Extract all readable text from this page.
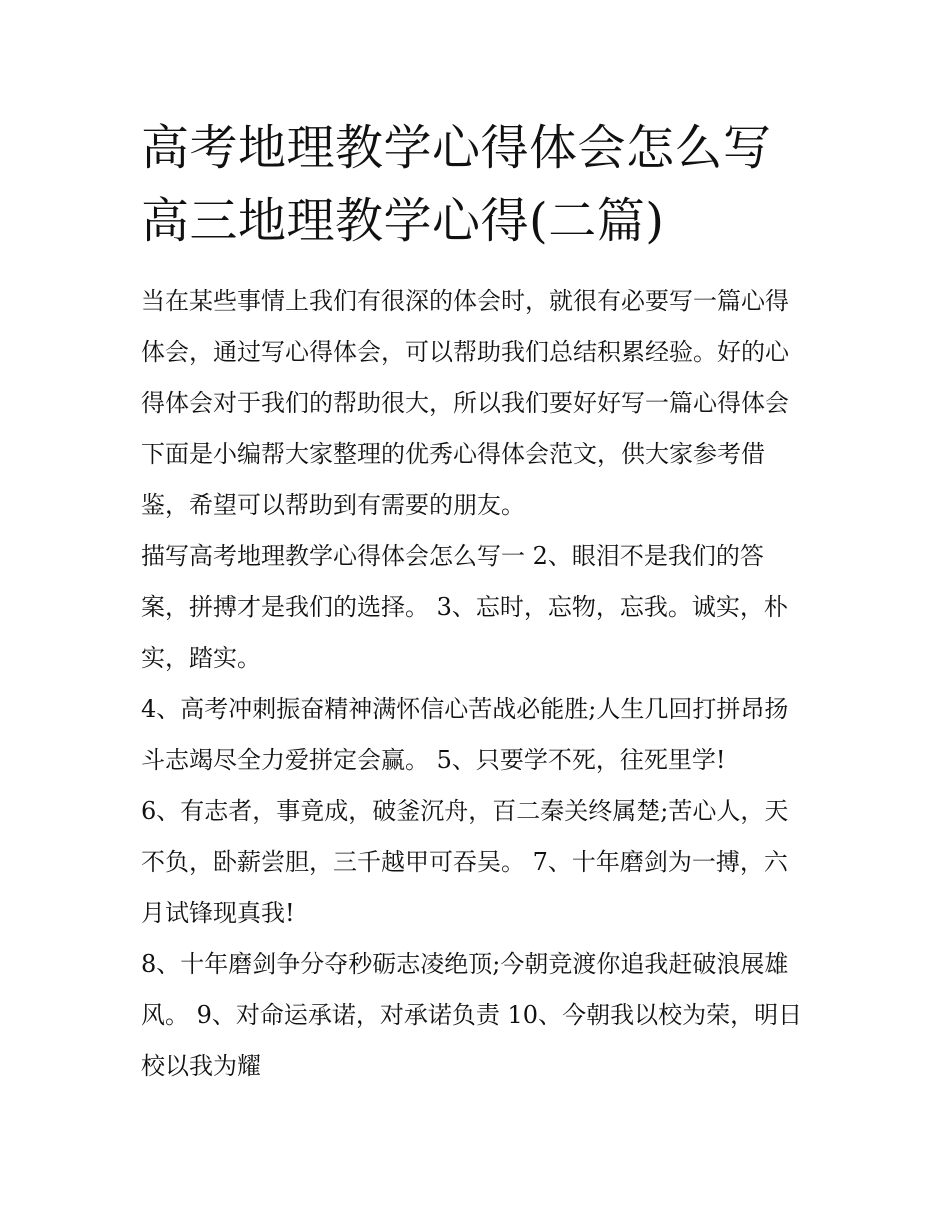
高考地理教学心得体会怎么写
高三地理教学心得(二篇)

当在某些事情上我们有很深的体会时，就很有必要写一篇心得
体会，通过写心得体会，可以帮助我们总结积累经验。好的心
得体会对于我们的帮助很大，所以我们要好好写一篇心得体会
下面是小编帮大家整理的优秀心得体会范文，供大家参考借
鉴，希望可以帮助到有需要的朋友。

描写高考地理教学心得体会怎么写一 2、眼泪不是我们的答
案，拼搏才是我们的选择。 3、忘时，忘物，忘我。诚实，朴
实，踏实。

4、高考冲刺振奋精神满怀信心苦战必能胜;人生几回打拼昂扬
斗志竭尽全力爱拼定会赢。 5、只要学不死，往死里学!

6、有志者，事竟成，破釜沉舟，百二秦关终属楚;苦心人，天
不负，卧薪尝胆，三千越甲可吞吴。 7、十年磨剑为一搏，六
月试锋现真我!

8、十年磨剑争分夺秒砺志凌绝顶;今朝竞渡你追我赶破浪展雄
风。 9、对命运承诺，对承诺负责 10、今朝我以校为荣，明日
校以我为耀
